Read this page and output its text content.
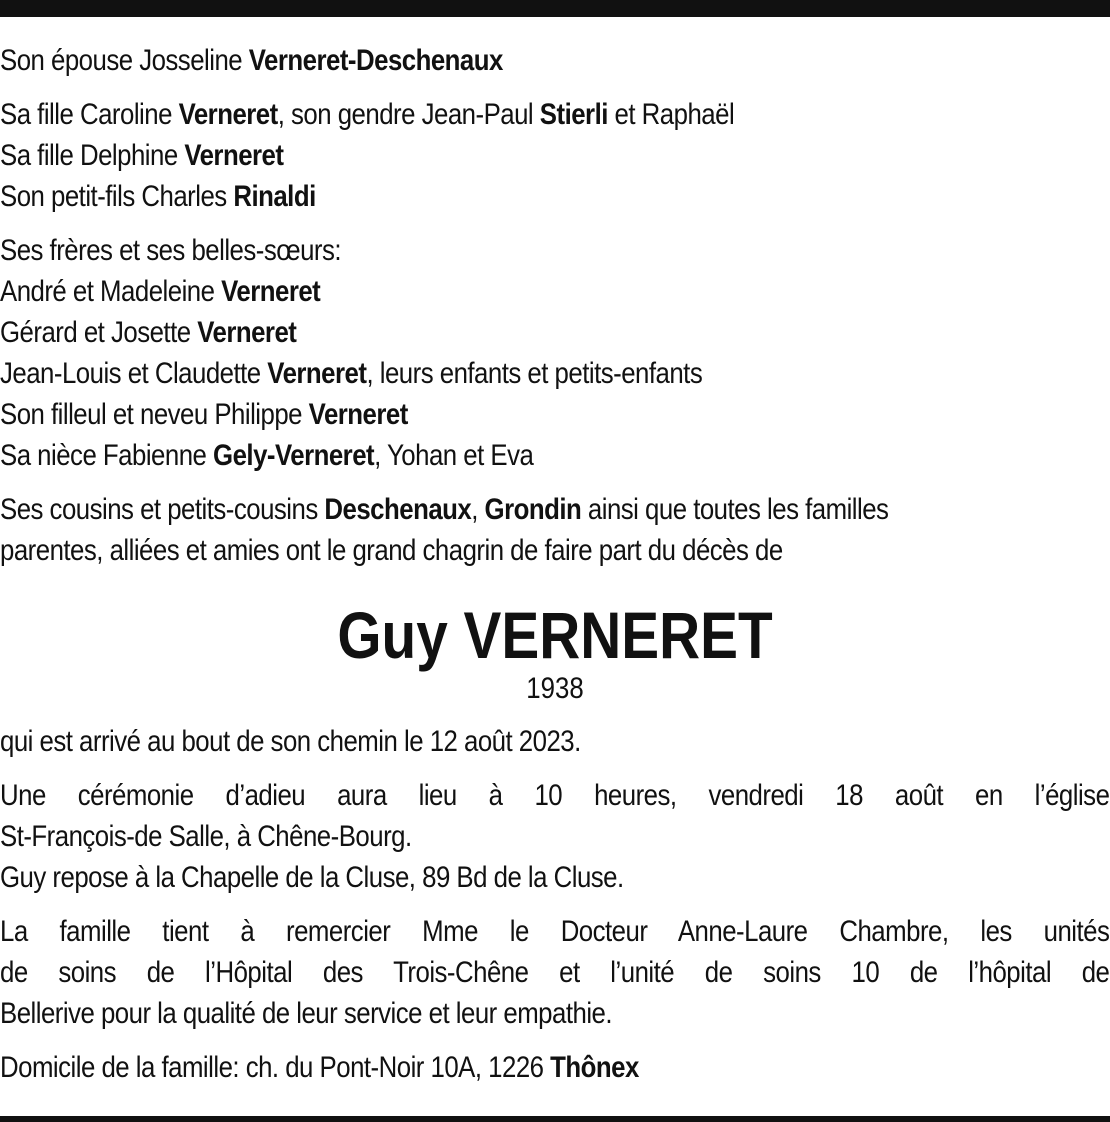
Son épouse Josseline Verneret-Deschenaux
Sa fille Caroline Verneret, son gendre Jean-Paul Stierli et Raphaël
Sa fille Delphine Verneret
Son petit-fils Charles Rinaldi
Ses frères et ses belles-sœurs:
André et Madeleine Verneret
Gérard et Josette Verneret
Jean-Louis et Claudette Verneret, leurs enfants et petits-enfants
Son filleul et neveu Philippe Verneret
Sa nièce Fabienne Gely-Verneret, Yohan et Eva
Ses cousins et petits-cousins Deschenaux, Grondin ainsi que toutes les familles
parentes, alliées et amies ont le grand chagrin de faire part du décès de
Guy VERNERET
1938
qui est arrivé au bout de son chemin le 12 août 2023.
Une cérémonie d’adieu aura lieu à 10 heures, vendredi 18 août en l’église
St-François-de Salle, à Chêne-Bourg.
Guy repose à la Chapelle de la Cluse, 89 Bd de la Cluse.
La famille tient à remercier Mme le Docteur Anne-Laure Chambre, les unités
de soins de l’Hôpital des Trois-Chêne et l’unité de soins 10 de l’hôpital de
Bellerive pour la qualité de leur service et leur empathie.
Domicile de la famille: ch. du Pont-Noir 10A, 1226 Thônex
